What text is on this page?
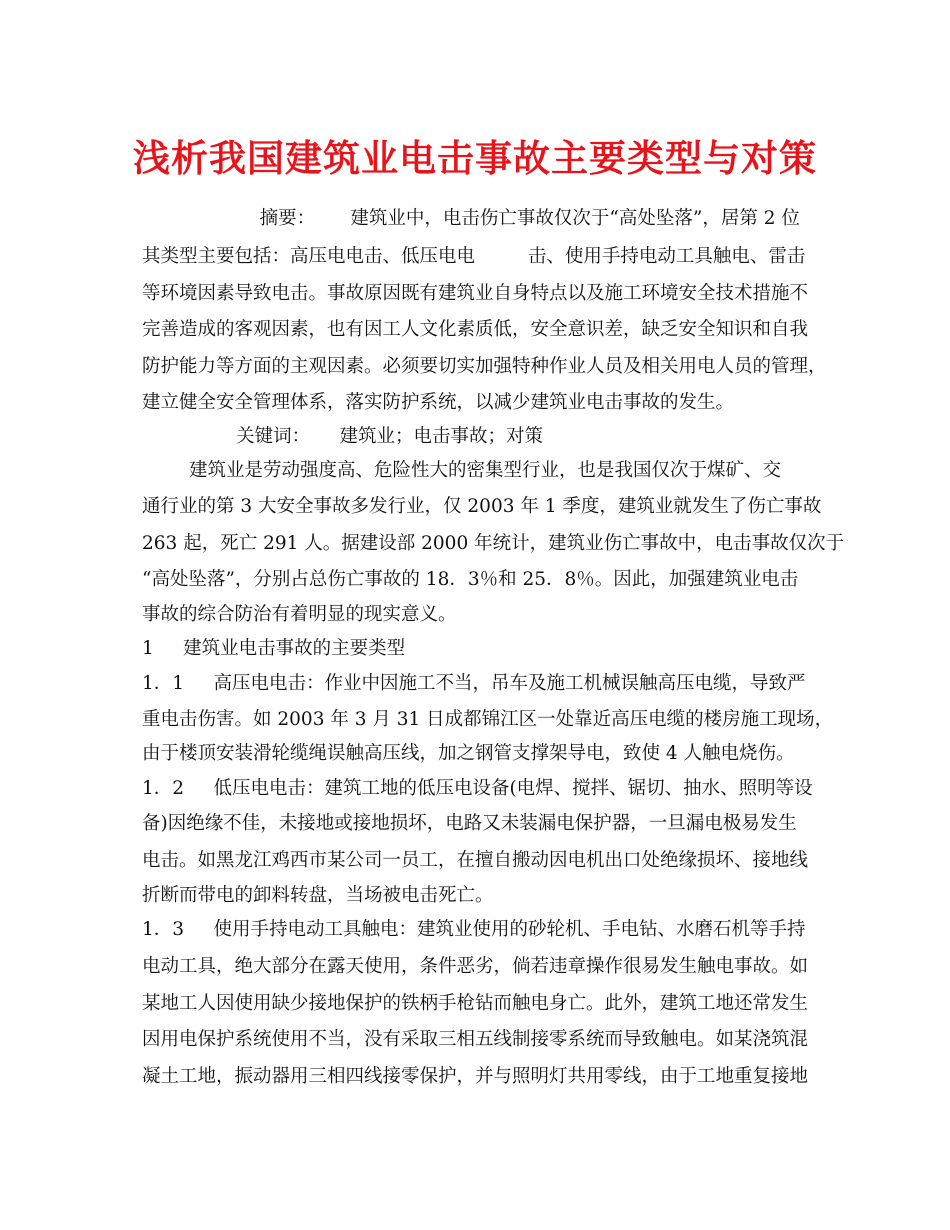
浅析我国建筑业电击事故主要类型与对策
摘要：      建筑业中，电击伤亡事故仅次于“高处坠落”，居第 2 位
其类型主要包括：高压电电击、低压电电         击、使用手持电动工具触电、雷击
等环境因素导致电击。事故原因既有建筑业自身特点以及施工环境安全技术措施不
完善造成的客观因素，也有因工人文化素质低，安全意识差，缺乏安全知识和自我
防护能力等方面的主观因素。必须要切实加强特种作业人员及相关用电人员的管理，
建立健全安全管理体系，落实防护系统，以减少建筑业电击事故的发生。
关键词：     建筑业；电击事故；对策
建筑业是劳动强度高、危险性大的密集型行业，也是我国仅次于煤矿、交
通行业的第 3 大安全事故多发行业，仅 2003 年 1 季度，建筑业就发生了伤亡事故
263 起，死亡 291 人。据建设部 2000 年统计，建筑业伤亡事故中，电击事故仅次于
“高处坠落”，分别占总伤亡事故的 18．3％和 25．8％。因此，加强建筑业电击
事故的综合防治有着明显的现实意义。
1     建筑业电击事故的主要类型
1．1     高压电电击：作业中因施工不当，吊车及施工机械误触高压电缆，导致严
重电击伤害。如 2003 年 3 月 31 日成都锦江区一处靠近高压电缆的楼房施工现场，
由于楼顶安装滑轮缆绳误触高压线，加之钢管支撑架导电，致使 4 人触电烧伤。
1．2     低压电电击：建筑工地的低压电设备(电焊、搅拌、锯切、抽水、照明等设
备)因绝缘不佳，未接地或接地损坏，电路又未装漏电保护器，一旦漏电极易发生
电击。如黑龙江鸡西市某公司一员工，在擅自搬动因电机出口处绝缘损坏、接地线
折断而带电的卸料转盘，当场被电击死亡。
1．3     使用手持电动工具触电：建筑业使用的砂轮机、手电钻、水磨石机等手持
电动工具，绝大部分在露天使用，条件恶劣，倘若违章操作很易发生触电事故。如
某地工人因使用缺少接地保护的铁柄手枪钻而触电身亡。此外，建筑工地还常发生
因用电保护系统使用不当，没有采取三相五线制接零系统而导致触电。如某浇筑混
凝土工地，振动器用三相四线接零保护，并与照明灯共用零线，由于工地重复接地
